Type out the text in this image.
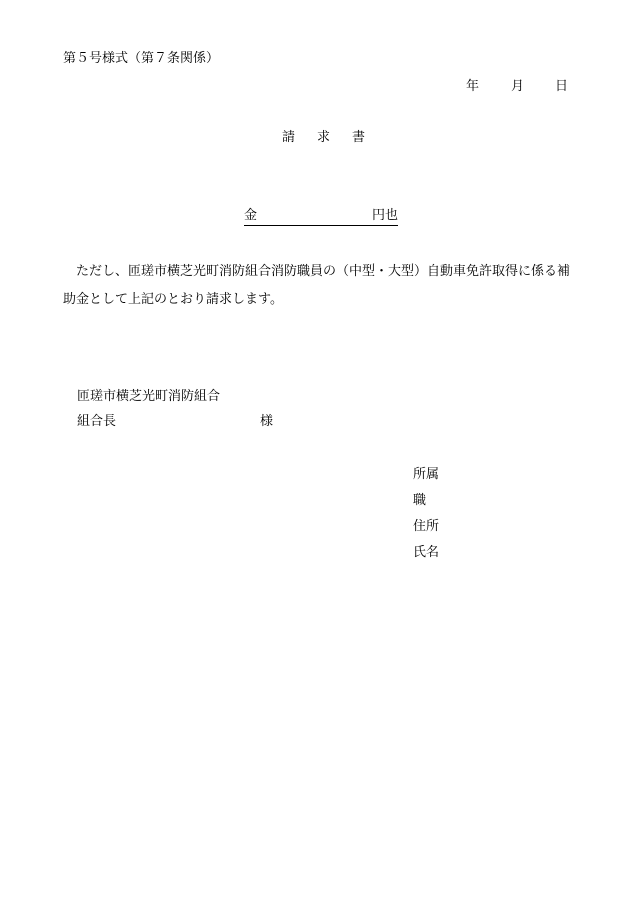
第５号様式（第７条関係）
年 月 日
請求書
金	円也
ただし、匝瑳市横芝光町消防組合消防職員の（中型・大型）自動車免許取得に係る補助金として上記のとおり請求します。
匝瑳市横芝光町消防組合
組合長	様
所属
職
住所
氏名
